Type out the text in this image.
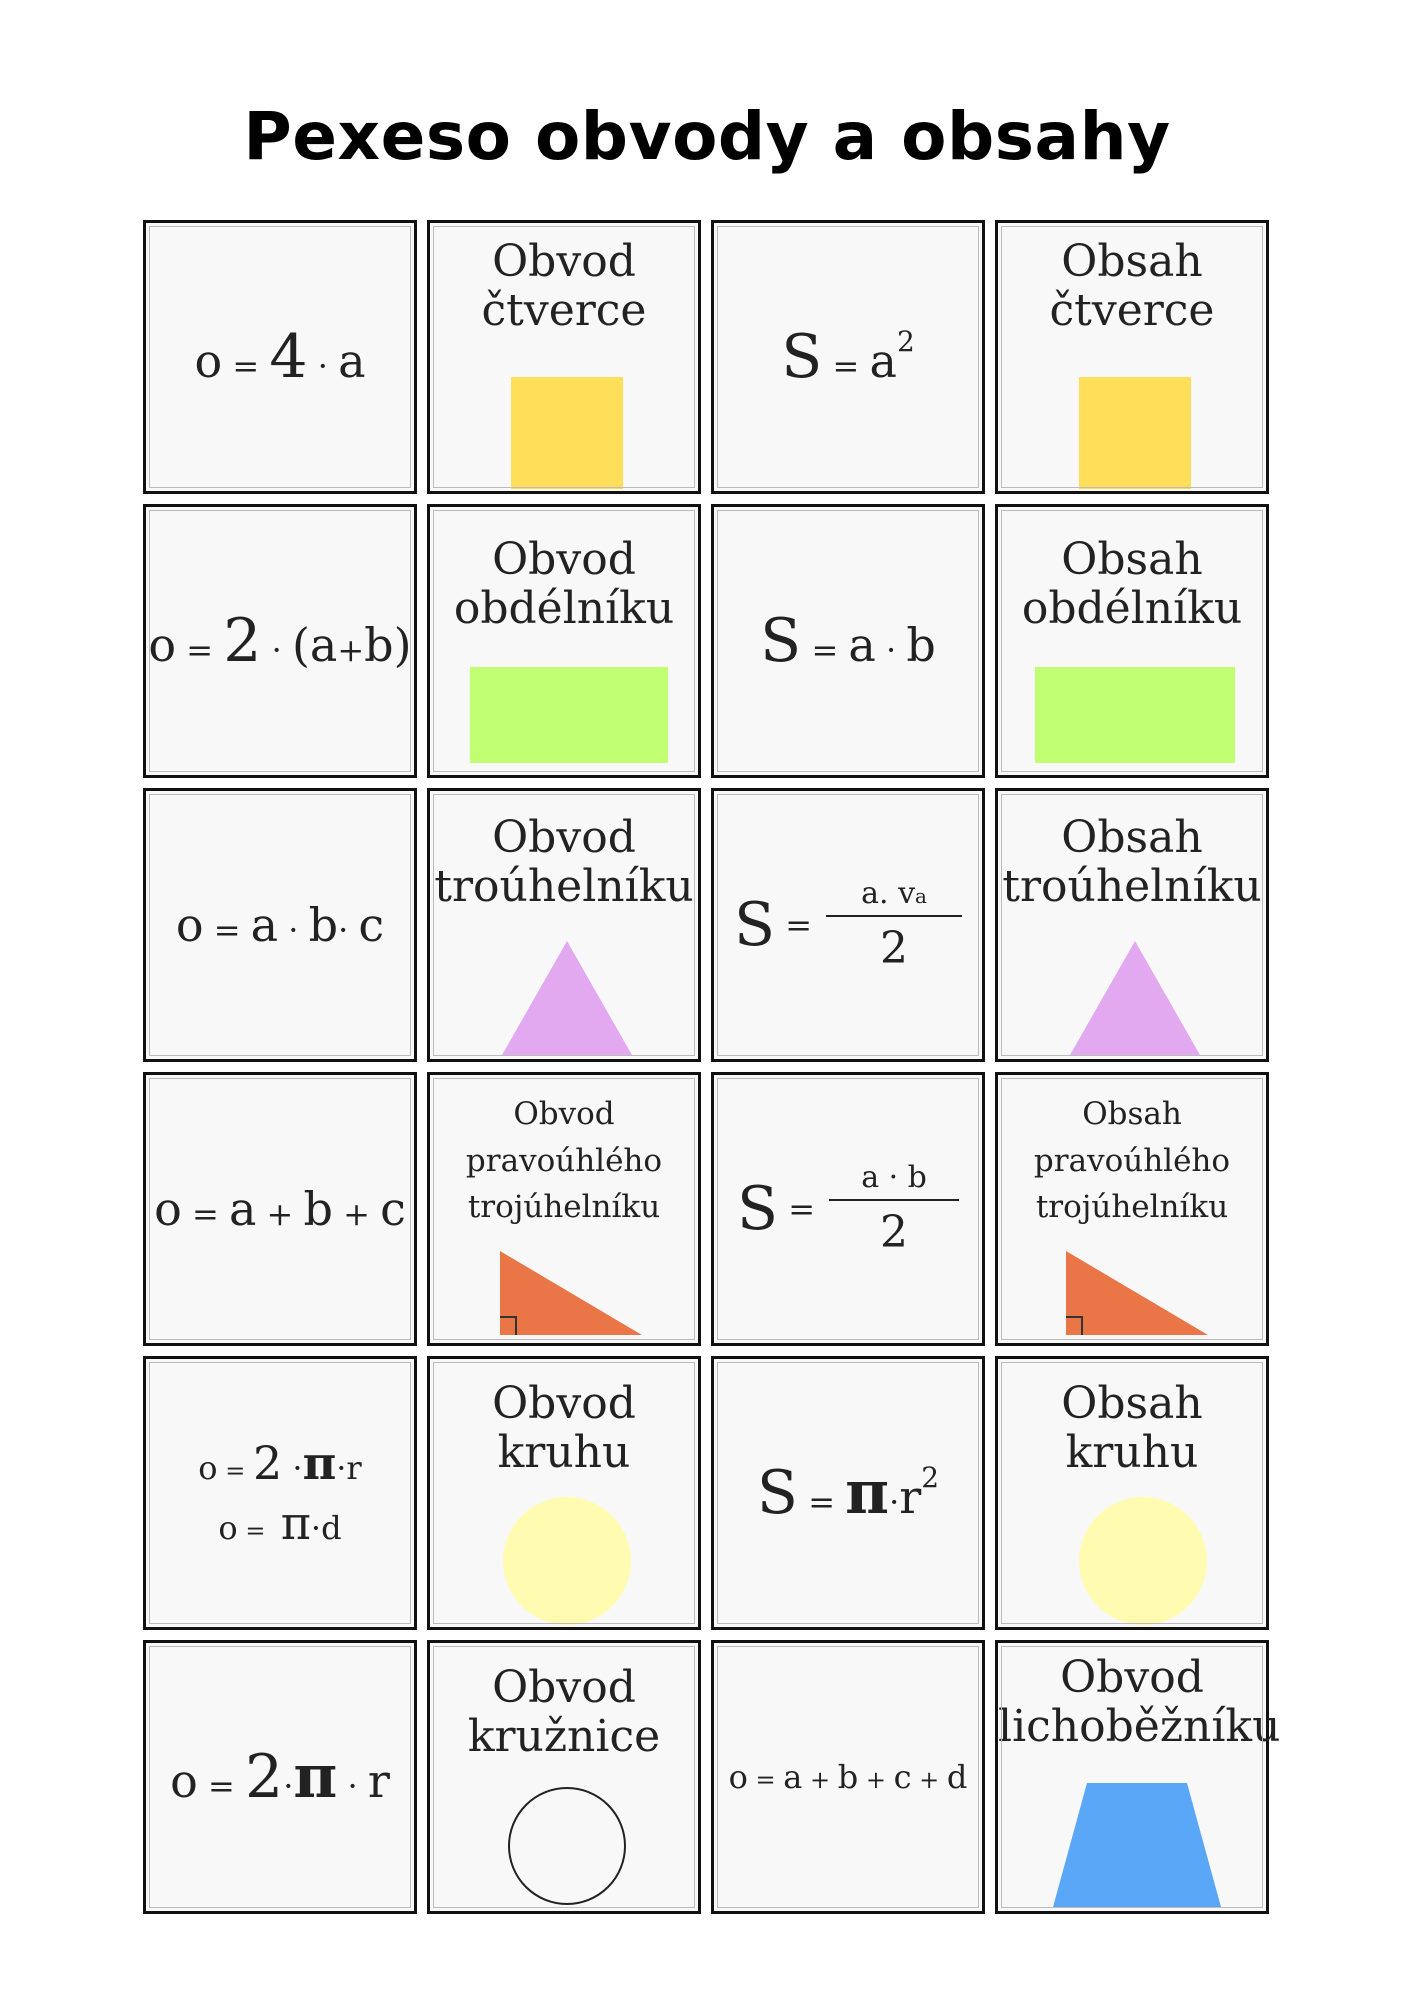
Pexeso obvody a obsahy
o = 4 · a
Obvod
čtverce
S = a 2
Obsah
čtverce
o = 2 · (a + b)
Obvod
obdélníku	S = a · b
Obsah
obdélníku
o = a · b · c
Obvod
troúhelníku
$S = \frac{a. va}{2}$
Obsah
troúhelníku
o = a + b + c
Obvod
pravoúhlého
trojúhelníku	$S = \frac{a \cdot b}{2}$
Obsah
pravoúhlého
trojúhelníku
o = 2 · π ·r
o = π ·d
Obvod
kruhu
S = π · r 2
Obsah
kruhu
o = 2 · π · r
Obvod
kružnice
o = a + b + c + d
Obvod
lichoběžníku
